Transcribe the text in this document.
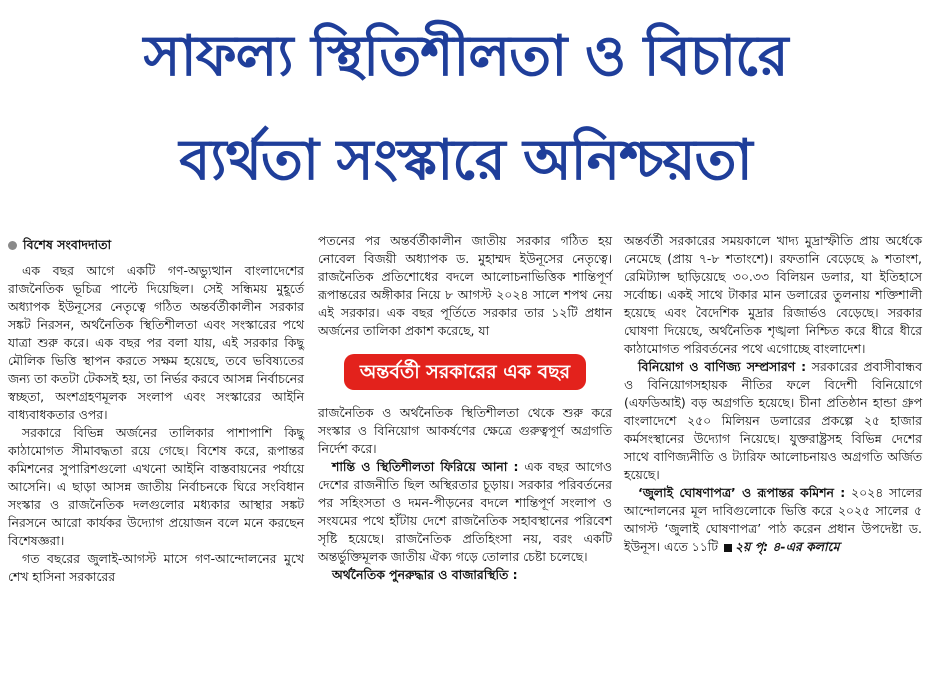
সাফল্য স্থিতিশীলতা ও বিচারে
ব্যর্থতা সংস্কারে অনিশ্চয়তা
বিশেষ সংবাদদাতা

এক বছর আগে একটি গণ-অভ্যুত্থান বাংলাদেশের রাজনৈতিক ভূচিত্র পাল্টে দিয়েছিল। সেই সন্ধিময় মুহূর্তে অধ্যাপক ইউনূসের নেতৃত্বে গঠিত অন্তর্বর্তীকালীন সরকার সঙ্কট নিরসন, অর্থনৈতিক স্থিতিশীলতা এবং সংস্কারের পথে যাত্রা শুরু করে। এক বছর পর বলা যায়, এই সরকার কিছু মৌলিক ভিত্তি স্থাপন করতে সক্ষম হয়েছে, তবে ভবিষ্যতের জন্য তা কতটা টেকসই হয়, তা নির্ভর করবে আসন্ন নির্বাচনের স্বচ্ছতা, অংশগ্রহণমূলক সংলাপ এবং সংস্কারের আইনি বাধ্যবাধকতার ওপর।

সরকারে বিভিন্ন অর্জনের তালিকার পাশাপাশি কিছু কাঠামোগত সীমাবদ্ধতা রয়ে গেছে। বিশেষ করে, রূপান্তর কমিশনের সুপারিশগুলো এখনো আইনি বাস্তবায়নের পর্যায়ে আসেনি। এ ছাড়া আসন্ন জাতীয় নির্বাচনকে ঘিরে সংবিধান সংস্কার ও রাজনৈতিক দলগুলোর মধ্যকার আস্থার সঙ্কট নিরসনে আরো কার্যকর উদ্যোগ প্রয়োজন বলে মনে করছেন বিশেষজ্ঞরা।

গত বছরের জুলাই-আগস্ট মাসে গণ-আন্দোলনের মুখে শেখ হাসিনা সরকারের

পতনের পর অন্তর্বর্তীকালীন জাতীয় সরকার গঠিত হয় নোবেল বিজয়ী অধ্যাপক ড. মুহাম্মদ ইউনূসের নেতৃত্বে। রাজনৈতিক প্রতিশোধের বদলে আলোচনাভিত্তিক শান্তিপূর্ণ রূপান্তরের অঙ্গীকার নিয়ে ৮ আগস্ট ২০২৪ সালে শপথ নেয় এই সরকার। এক বছর পূর্তিতে সরকার তার ১২টি প্রধান অর্জনের তালিকা প্রকাশ করেছে, যা

অন্তর্বর্তী সরকারের এক বছর

রাজনৈতিক ও অর্থনৈতিক স্থিতিশীলতা থেকে শুরু করে সংস্কার ও বিনিয়োগ আকর্ষণের ক্ষেত্রে গুরুত্বপূর্ণ অগ্রগতি নির্দেশ করে।

শান্তি ও স্থিতিশীলতা ফিরিয়ে আনা : এক বছর আগেও দেশের রাজনীতি ছিল অস্থিরতার চূড়ায়। সরকার পরিবর্তনের পর সহিংসতা ও দমন-পীড়নের বদলে শান্তিপূর্ণ সংলাপ ও সংযমের পথে হাঁটায় দেশে রাজনৈতিক সহাবস্থানের পরিবেশ সৃষ্টি হয়েছে। রাজনৈতিক প্রতিহিংসা নয়, বরং একটি অন্তর্ভুক্তিমূলক জাতীয় ঐক্য গড়ে তোলার চেষ্টা চলেছে।

অর্থনৈতিক পুনরুদ্ধার ও বাজারস্থিতি :

অন্তর্বর্তী সরকারের সময়কালে খাদ্য মুদ্রাস্ফীতি প্রায় অর্ধেকে নেমেছে (প্রায় ৭-৮ শতাংশে)। রফতানি বেড়েছে ৯ শতাংশ, রেমিট্যান্স ছাড়িয়েছে ৩০.৩৩ বিলিয়ন ডলার, যা ইতিহাসে সর্বোচ্চ। একই সাথে টাকার মান ডলারের তুলনায় শক্তিশালী হয়েছে এবং বৈদেশিক মুদ্রার রিজার্ভও বেড়েছে। সরকার ঘোষণা দিয়েছে, অর্থনৈতিক শৃঙ্খলা নিশ্চিত করে ধীরে ধীরে কাঠামোগত পরিবর্তনের পথে এগোচ্ছে বাংলাদেশ।

বিনিয়োগ ও বাণিজ্য সম্প্রসারণ : সরকারের প্রবাসীবান্ধব ও বিনিয়োগসহায়ক নীতির ফলে বিদেশী বিনিয়োগে (এফডিআই) বড় অগ্রগতি হয়েছে। চীনা প্রতিষ্ঠান হান্ডা গ্রুপ বাংলাদেশে ২৫০ মিলিয়ন ডলারের প্রকল্পে ২৫ হাজার কর্মসংস্থানের উদ্যোগ নিয়েছে। যুক্তরাষ্ট্রসহ বিভিন্ন দেশের সাথে বাণিজ্যনীতি ও ট্যারিফ আলোচনায়ও অগ্রগতি অর্জিত হয়েছে।

‘জুলাই ঘোষণাপত্র’ ও রূপান্তর কমিশন : ২০২৪ সালের আন্দোলনের মূল দাবিগুলোকে ভিত্তি করে ২০২৫ সালের ৫ আগস্ট ‘জুলাই ঘোষণাপত্র’ পাঠ করেন প্রধান উপদেষ্টা ড. ইউনূস। এতে ১১টি ২য় পৃ: ৪-এর কলামে
